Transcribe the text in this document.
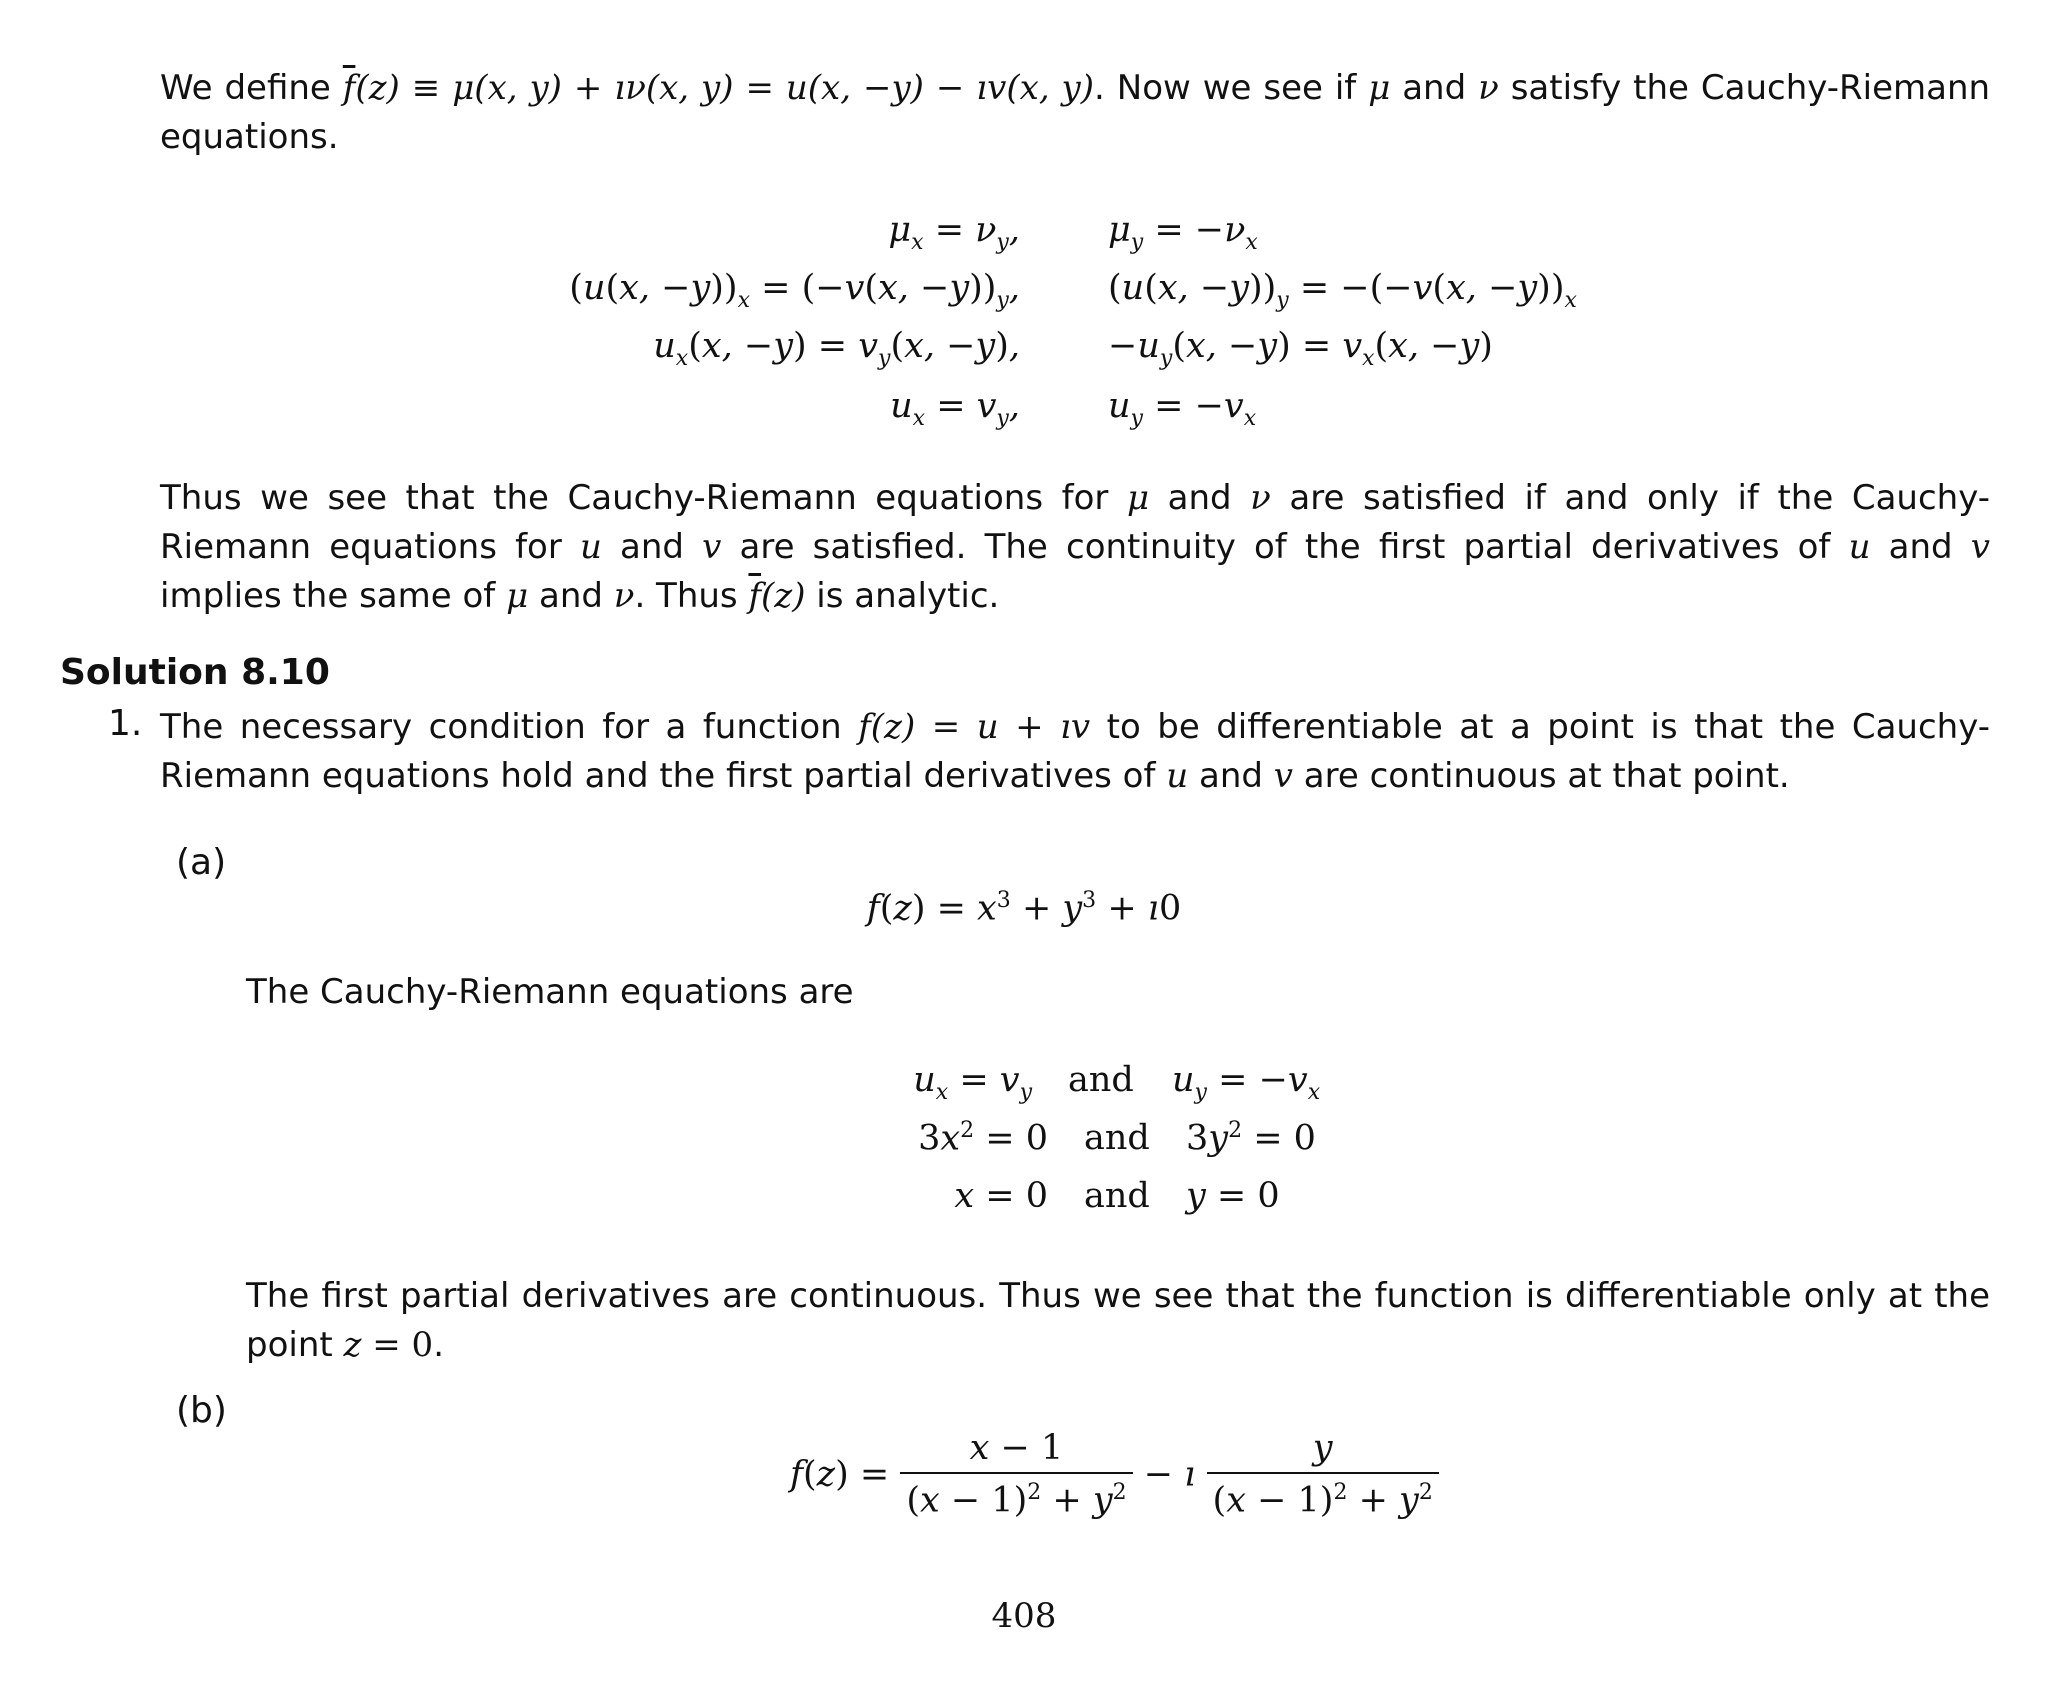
We define $\overline{f}(z) \equiv \mu(x$, y) + ıν(x, y) = u(x, −y) − ıv(x, y). Now we see if μ and ν satisfy the Cauchy-Riemann equations.
$\mu_x = \nu_y$,	$\mu_y = -\nu_x$
(u(x, $-y))_x = (-v(x$, $-y))_y$,	(u(x, $-y))_y = -(-v(x$, $-y))_x$
$u_x(x$, $-y) = v_y(x$, −y),	$-u_y(x$, $-y) = v_x(x$, −y)
$u_x = v_y$,	$u_y = -v_x$
Thus we see that the Cauchy-Riemann equations for μ and ν are satisfied if and only if the Cauchy-Riemann equations for u and v are satisfied. The continuity of the first partial derivatives of u and v implies the same of μ and ν. Thus $\overline{f}(z)$ is analytic.
Solution 8.10
1. The necessary condition for a function f(z) = u + ıv to be differentiable at a point is that the Cauchy-Riemann equations hold and the first partial derivatives of u and v are continuous at that point.
(a)
$f(z) = x^3 + y^3$ + ı0
The Cauchy-Riemann equations are
$u_x = v_y$ and $u_y = -v_x$
$3x^2 = 0$ and $3y^2 = 0$
x = 0 and y = 0
The first partial derivatives are continuous. Thus we see that the function is differentiable only at the point z = 0.
(b)
$f(z) = \frac{x - 1}{(x - 1)^2 + y^2}$ − ı $\frac{y}{(x - 1)^2 + y^2}$
408
